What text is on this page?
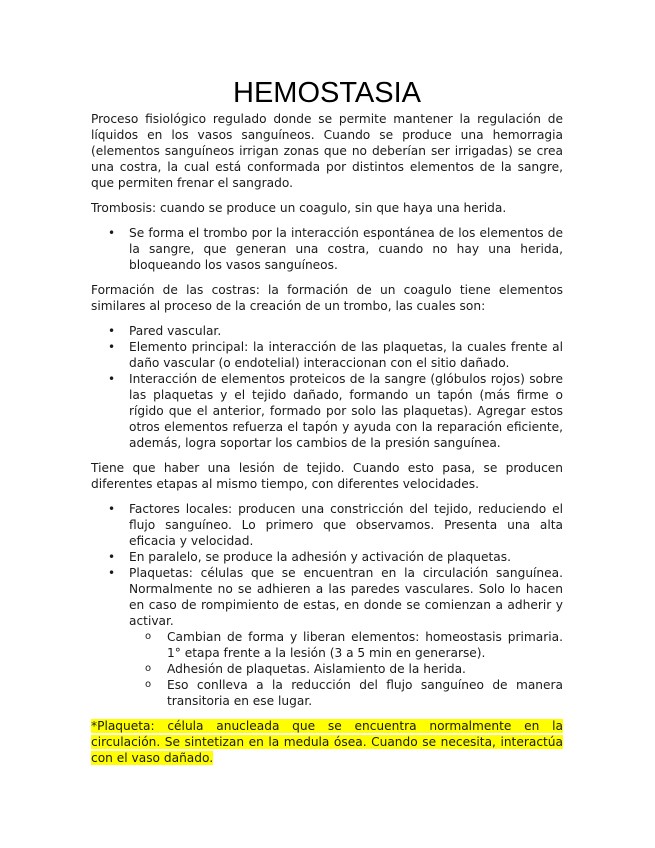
HEMOSTASIA

Proceso fisiológico regulado donde se permite mantener la regulación de líquidos en los vasos sanguíneos. Cuando se produce una hemorragia (elementos sanguíneos irrigan zonas que no deberían ser irrigadas) se crea una costra, la cual está conformada por distintos elementos de la sangre, que permiten frenar el sangrado.

Trombosis: cuando se produce un coagulo, sin que haya una herida.

• Se forma el trombo por la interacción espontánea de los elementos de la sangre, que generan una costra, cuando no hay una herida, bloqueando los vasos sanguíneos.

Formación de las costras: la formación de un coagulo tiene elementos similares al proceso de la creación de un trombo, las cuales son:

• Pared vascular.
• Elemento principal: la interacción de las plaquetas, la cuales frente al daño vascular (o endotelial) interaccionan con el sitio dañado.
• Interacción de elementos proteicos de la sangre (glóbulos rojos) sobre las plaquetas y el tejido dañado, formando un tapón (más firme o rígido que el anterior, formado por solo las plaquetas). Agregar estos otros elementos refuerza el tapón y ayuda con la reparación eficiente, además, logra soportar los cambios de la presión sanguínea.

Tiene que haber una lesión de tejido. Cuando esto pasa, se producen diferentes etapas al mismo tiempo, con diferentes velocidades.

• Factores locales: producen una constricción del tejido, reduciendo el flujo sanguíneo. Lo primero que observamos. Presenta una alta eficacia y velocidad.
• En paralelo, se produce la adhesión y activación de plaquetas.
• Plaquetas: células que se encuentran en la circulación sanguínea. Normalmente no se adhieren a las paredes vasculares. Solo lo hacen en caso de rompimiento de estas, en donde se comienzan a adherir y activar.
o Cambian de forma y liberan elementos: homeostasis primaria. 1° etapa frente a la lesión (3 a 5 min en generarse).
o Adhesión de plaquetas. Aislamiento de la herida.
o Eso conlleva a la reducción del flujo sanguíneo de manera transitoria en ese lugar.

*Plaqueta: célula anucleada que se encuentra normalmente en la circulación. Se sintetizan en la medula ósea. Cuando se necesita, interactúa con el vaso dañado.
